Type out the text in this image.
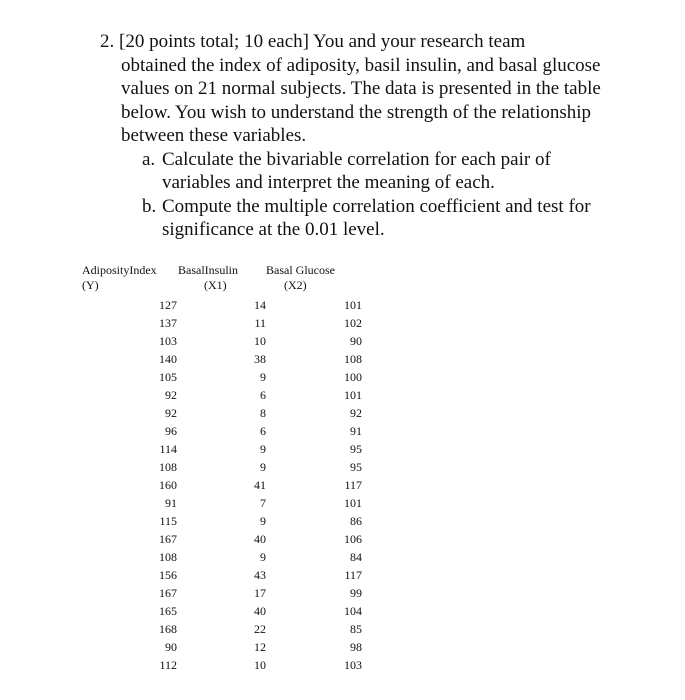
2. [20 points total; 10 each] You and your research team
obtained the index of adiposity, basil insulin, and basal glucose values on 21 normal subjects. The data is presented in the table below. You wish to understand the strength of the relationship between these variables.
a. Calculate the bivariable correlation for each pair of variables and interpret the meaning of each.
b. Compute the multiple correlation coefficient and test for significance at the 0.01 level.
AdiposityIndex BasalInsulin Basal Glucose
(Y)	(X1)	(X2)
127	14	101
137	11	102
103	10	90
140	38	108
105	9	100
92	6	101
92	8	92
96	6	91
114	9	95
108	9	95
160	41	117
91	7	101
115	9	86
167	40	106
108	9	84
156	43	117
167	17	99
165	40	104
168	22	85
90	12	98
112	10	103
